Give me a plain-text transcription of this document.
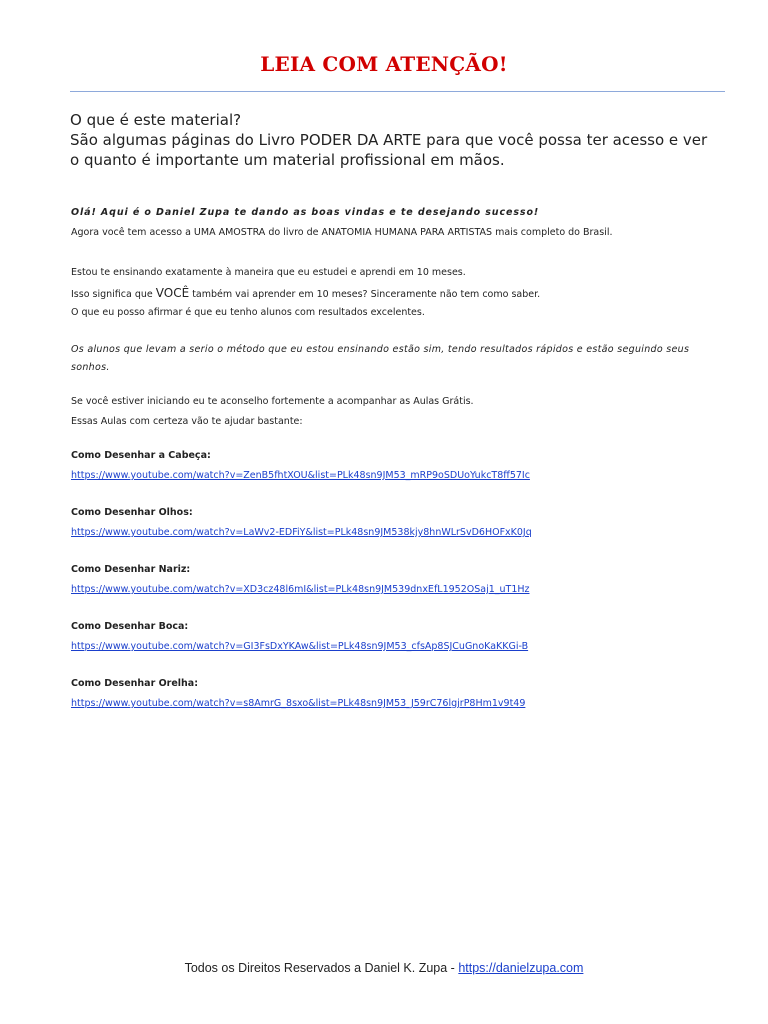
LEIA COM ATENÇÃO!
O que é este material?
São algumas páginas do Livro PODER DA ARTE para que você possa ter acesso e ver
o quanto é importante um material profissional em mãos.
Olá! Aqui é o Daniel Zupa te dando as boas vindas e te desejando sucesso!
Agora você tem acesso a UMA AMOSTRA do livro de ANATOMIA HUMANA PARA ARTISTAS mais completo do Brasil.
Estou te ensinando exatamente à maneira que eu estudei e aprendi em 10 meses.
Isso significa que VOCÊ também vai aprender em 10 meses? Sinceramente não tem como saber.
O que eu posso afirmar é que eu tenho alunos com resultados excelentes.
Os alunos que levam a serio o método que eu estou ensinando estão sim, tendo resultados rápidos e estão seguindo seus
sonhos.
Se você estiver iniciando eu te aconselho fortemente a acompanhar as Aulas Grátis.
Essas Aulas com certeza vão te ajudar bastante:
Como Desenhar a Cabeça:
https://www.youtube.com/watch?v=ZenB5fhtXOU&list=PLk48sn9JM53_mRP9oSDUoYukcT8ff57Ic
Como Desenhar Olhos:
https://www.youtube.com/watch?v=LaWv2-EDFiY&list=PLk48sn9JM538kjy8hnWLrSvD6HOFxK0Jq
Como Desenhar Nariz:
https://www.youtube.com/watch?v=XD3cz48l6mI&list=PLk48sn9JM539dnxEfL1952OSaj1_uT1Hz
Como Desenhar Boca:
https://www.youtube.com/watch?v=GI3FsDxYKAw&list=PLk48sn9JM53_cfsAp8SJCuGnoKaKKGi-B
Como Desenhar Orelha:
https://www.youtube.com/watch?v=s8AmrG_8sxo&list=PLk48sn9JM53_J59rC76lgjrP8Hm1v9t49
Todos os Direitos Reservados a Daniel K. Zupa - https://danielzupa.com
